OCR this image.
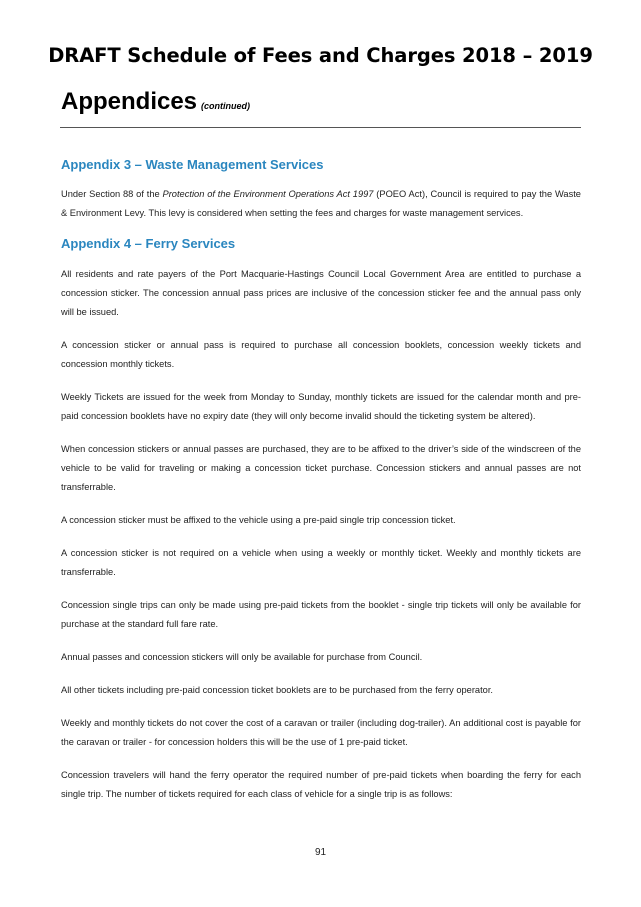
DRAFT Schedule of Fees and Charges 2018 – 2019
Appendices (continued)
Appendix 3 – Waste Management Services

Under Section 88 of the Protection of the Environment Operations Act 1997 (POEO Act), Council is required to pay the Waste & Environment Levy. This levy is considered when setting the fees and charges for waste management services.

Appendix 4 – Ferry Services

All residents and rate payers of the Port Macquarie-Hastings Council Local Government Area are entitled to purchase a concession sticker. The concession annual pass prices are inclusive of the concession sticker fee and the annual pass only will be issued.

A concession sticker or annual pass is required to purchase all concession booklets, concession weekly tickets and concession monthly tickets.

Weekly Tickets are issued for the week from Monday to Sunday, monthly tickets are issued for the calendar month and pre-paid concession booklets have no expiry date (they will only become invalid should the ticketing system be altered).

When concession stickers or annual passes are purchased, they are to be affixed to the driver’s side of the windscreen of the vehicle to be valid for traveling or making a concession ticket purchase. Concession stickers and annual passes are not transferrable.

A concession sticker must be affixed to the vehicle using a pre-paid single trip concession ticket.

A concession sticker is not required on a vehicle when using a weekly or monthly ticket. Weekly and monthly tickets are transferrable.

Concession single trips can only be made using pre-paid tickets from the booklet - single trip tickets will only be available for purchase at the standard full fare rate.

Annual passes and concession stickers will only be available for purchase from Council.

All other tickets including pre-paid concession ticket booklets are to be purchased from the ferry operator.

Weekly and monthly tickets do not cover the cost of a caravan or trailer (including dog-trailer). An additional cost is payable for the caravan or trailer - for concession holders this will be the use of 1 pre-paid ticket.

Concession travelers will hand the ferry operator the required number of pre-paid tickets when boarding the ferry for each single trip. The number of tickets required for each class of vehicle for a single trip is as follows:

91
